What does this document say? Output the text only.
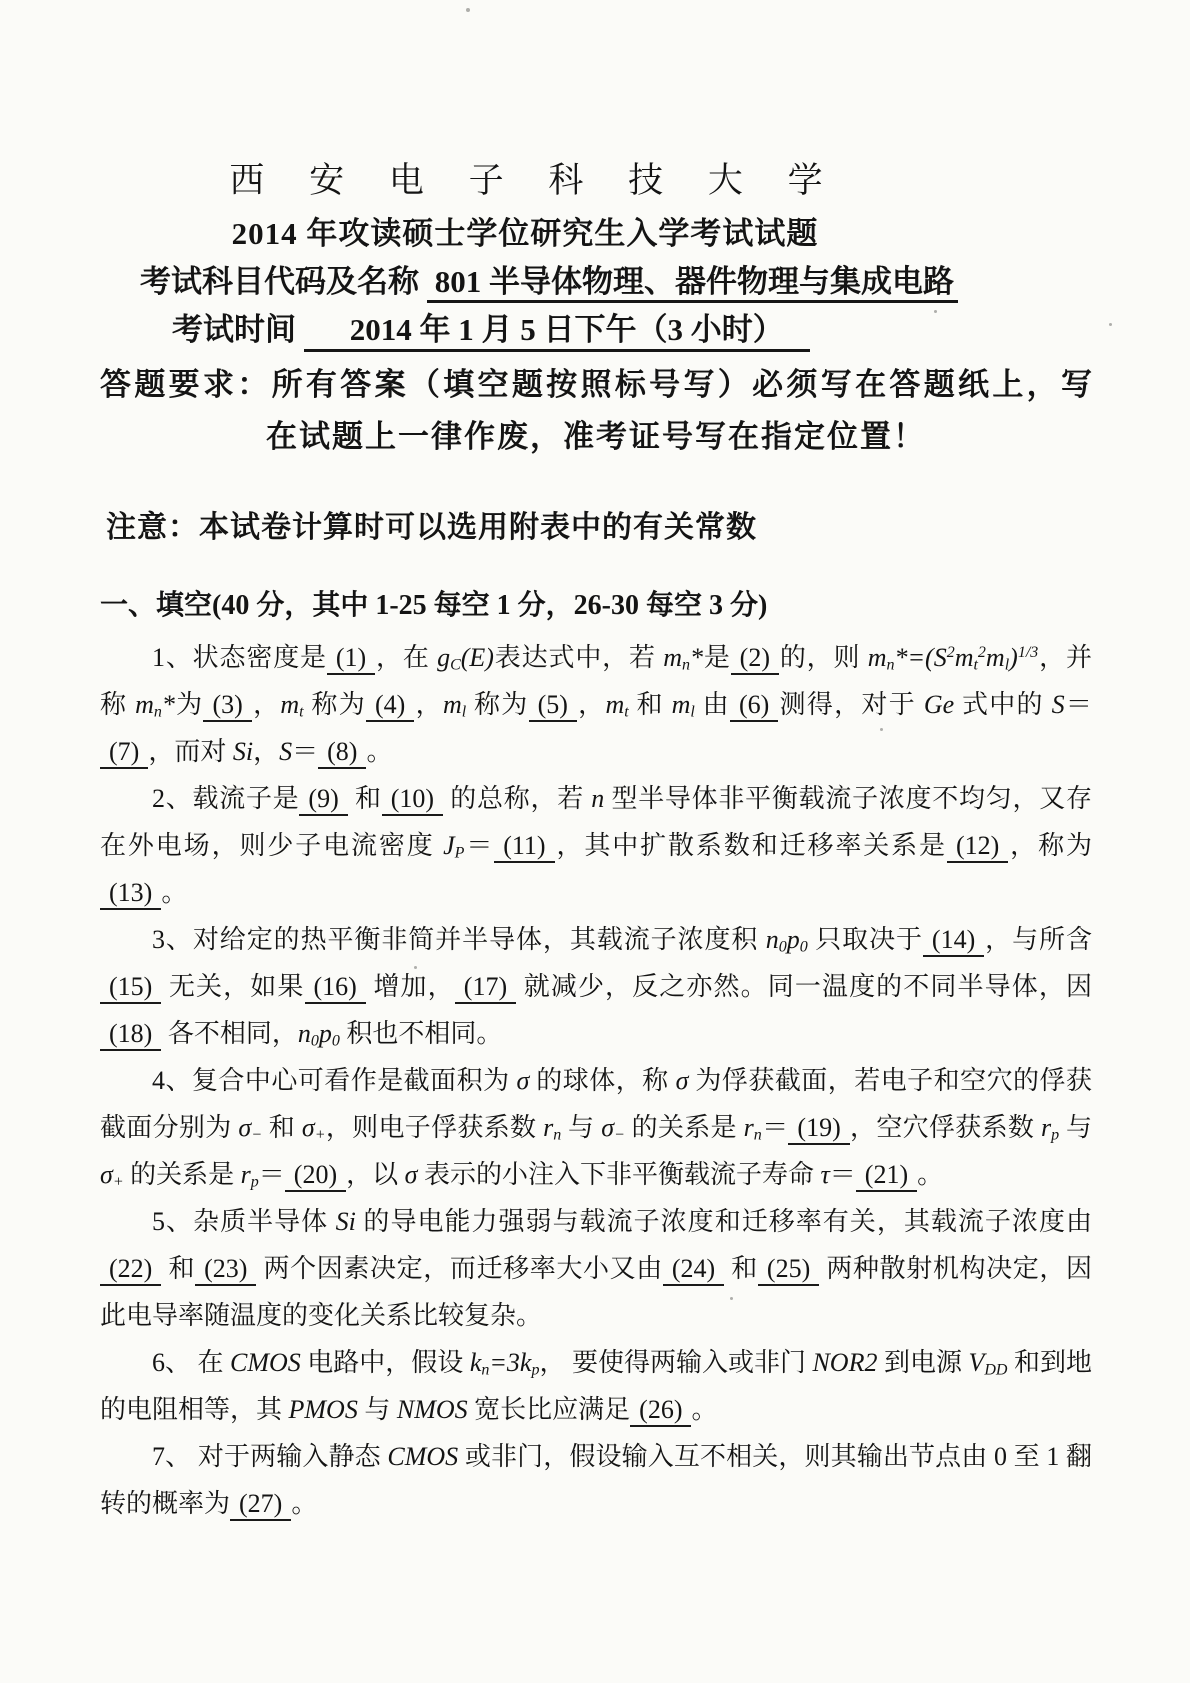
西 安 电 子 科 技 大 学
2014 年攻读硕士学位研究生入学考试试题
考试科目代码及名称 801 半导体物理、器件物理与集成电路
考试时间 2014 年 1 月 5 日下午（3 小时）
答题要求：所有答案（填空题按照标号写）必须写在答题纸上，写
在试题上一律作废，准考证号写在指定位置！
注意：本试卷计算时可以选用附表中的有关常数
一、填空(40 分，其中 1-25 每空 1 分，26-30 每空 3 分)

1、状态密度是 (1) ，在 $g_C(E)$表达式中，若 $m_n*$是 (2) 的，则 $m_n*=(S^2m_t^2m_l)^{1/3}$，并称 $m_n*$为 (3) ，$m_t$ 称为 (4) ，$m_l$ 称为 (5) ，$m_t$ 和 $m_l$ 由 (6) 测得，对于 Ge 式中的 S＝(7) ，而对 Si，S＝ (8) 。

2、载流子是 (9) 和 (10) 的总称，若 n 型半导体非平衡载流子浓度不均匀，又存在外电场，则少子电流密度 $J_P= (11)$ ，其中扩散系数和迁移率关系是 (12) ，称为(13) 。

3、对给定的热平衡非简并半导体，其载流子浓度积 $n_0p_0$ 只取决于 (14) ，与所含(15) 无关，如果 (16) 增加， (17) 就减少，反之亦然。同一温度的不同半导体，因(18) 各不相同，$n_0p_0$ 积也不相同。

4、复合中心可看作是截面积为 σ 的球体，称 σ 为俘获截面，若电子和空穴的俘获截面分别为 $\sigma_-$ 和 $\sigma_+$，则电子俘获系数 $r_n$ 与 $\sigma_-$ 的关系是 $r_n= (19)$ ，空穴俘获系数 $r_p$ 与 $\sigma_+$ 的关系是 $r_p= (20)$ ，以 σ 表示的小注入下非平衡载流子寿命 τ＝ (21) 。

5、杂质半导体 Si 的导电能力强弱与载流子浓度和迁移率有关，其载流子浓度由(22) 和 (23) 两个因素决定，而迁移率大小又由 (24) 和 (25) 两种散射机构决定，因此电导率随温度的变化关系比较复杂。

6、 在 CMOS 电路中，假设 $k_n=3k_p$， 要使得两输入或非门 NOR2 到电源 $V_{DD}$ 和到地的电阻相等，其 PMOS 与 NMOS 宽长比应满足 (26) 。

7、 对于两输入静态 CMOS 或非门，假设输入互不相关，则其输出节点由 0 至 1 翻转的概率为 (27) 。
